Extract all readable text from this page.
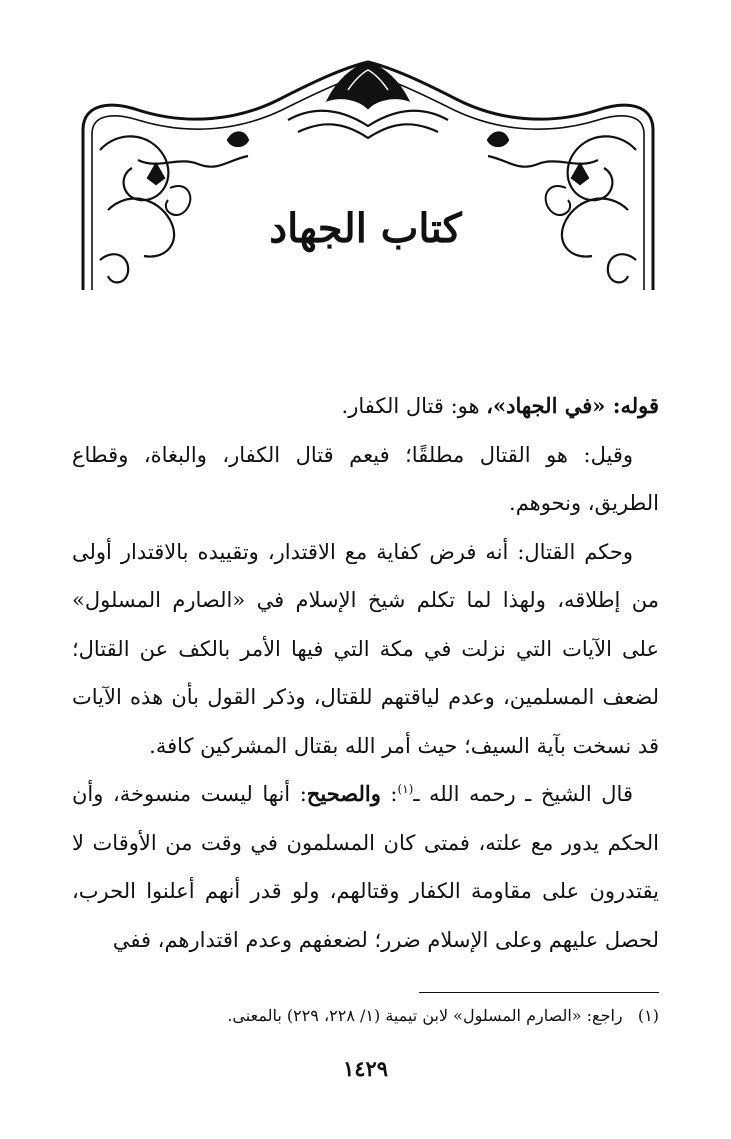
كتاب الجهاد

قوله: «في الجهاد»، هو: قتال الكفار.

وقيل: هو القتال مطلقًا؛ فيعم قتال الكفار، والبغاة، وقطاع الطريق، ونحوهم.

وحكم القتال: أنه فرض كفاية مع الاقتدار، وتقييده بالاقتدار أولى من إطلاقه، ولهذا لما تكلم شيخ الإسلام في «الصارم المسلول» على الآيات التي نزلت في مكة التي فيها الأمر بالكف عن القتال؛ لضعف المسلمين، وعدم لياقتهم للقتال، وذكر القول بأن هذه الآيات قد نسخت بآية السيف؛ حيث أمر الله بقتال المشركين كافة.

قال الشيخ ـ رحمه الله ـ$^{(١)}$: والصحيح: أنها ليست منسوخة، وأن الحكم يدور مع علته، فمتى كان المسلمون في وقت من الأوقات لا يقتدرون على مقاومة الكفار وقتالهم، ولو قدر أنهم أعلنوا الحرب، لحصل عليهم وعلى الإسلام ضرر؛ لضعفهم وعدم اقتدارهم، ففي

(١)   راجع: «الصارم المسلول» لابن تيمية (١/ ٢٢٨، ٢٢٩) بالمعنى.
١٤٢٩
